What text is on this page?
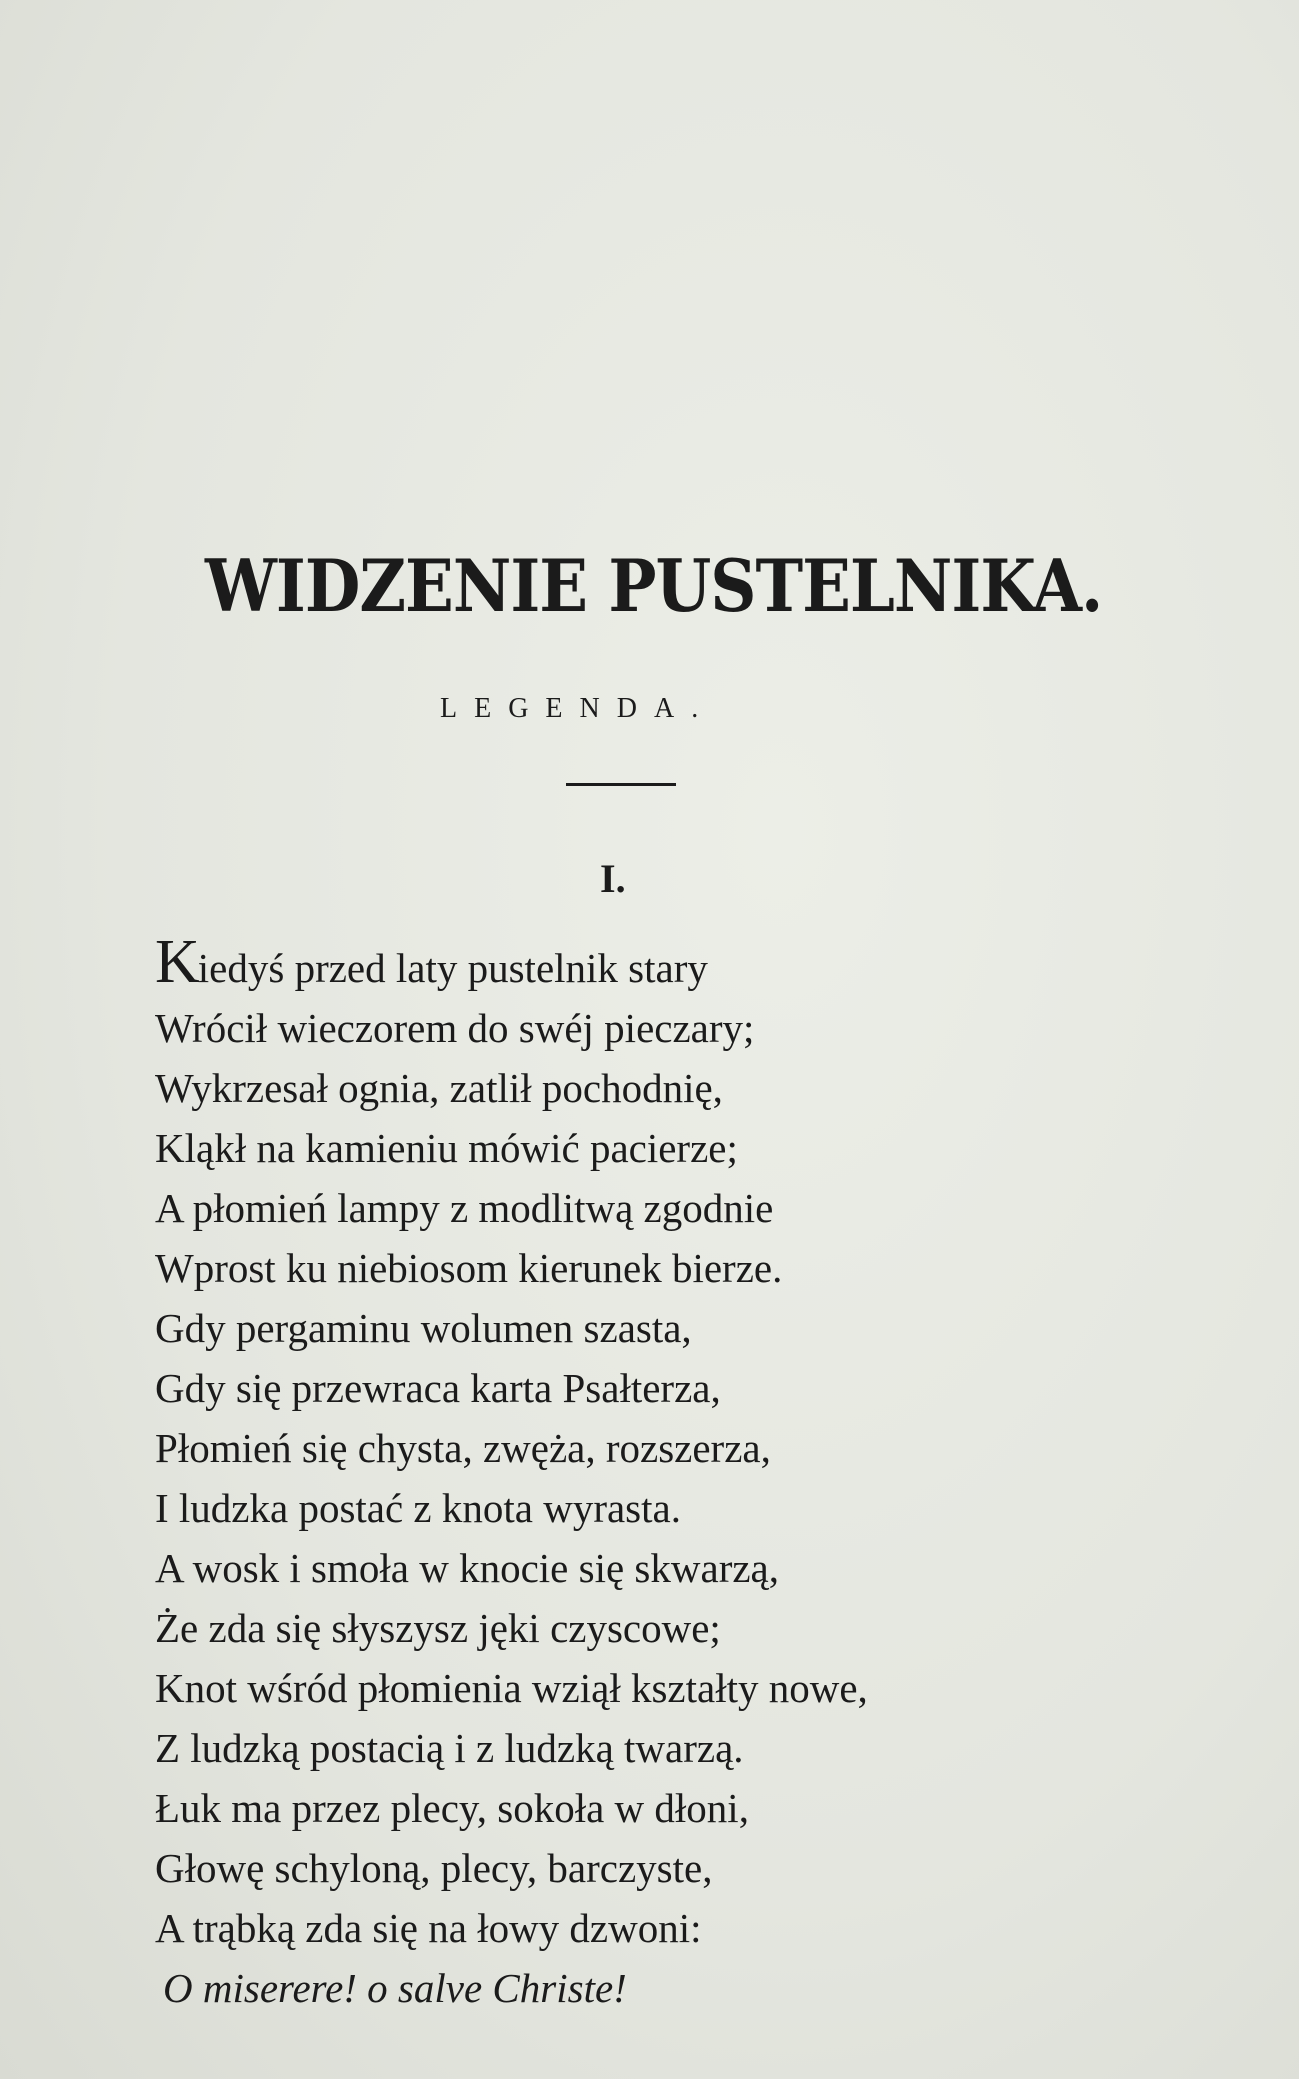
WIDZENIE PUSTELNIKA.
LEGENDA.
I.
Kiedyś przed laty pustelnik stary
Wrócił wieczorem do swéj pieczary;
Wykrzesał ognia, zatlił pochodnię,
Kląkł na kamieniu mówić pacierze;
A płomień lampy z modlitwą zgodnie
Wprost ku niebiosom kierunek bierze.
Gdy pergaminu wolumen szasta,
Gdy się przewraca karta Psałterza,
Płomień się chysta, zwęża, rozszerza,
I ludzka postać z knota wyrasta.
A wosk i smoła w knocie się skwarzą,
Że zda się słyszysz jęki czyscowe;
Knot wśród płomienia wziął kształty nowe,
Z ludzką postacią i z ludzką twarzą.
Łuk ma przez plecy, sokoła w dłoni,
Głowę schyloną, plecy, barczyste,
A trąbką zda się na łowy dzwoni:
O miserere! o salve Christe!
